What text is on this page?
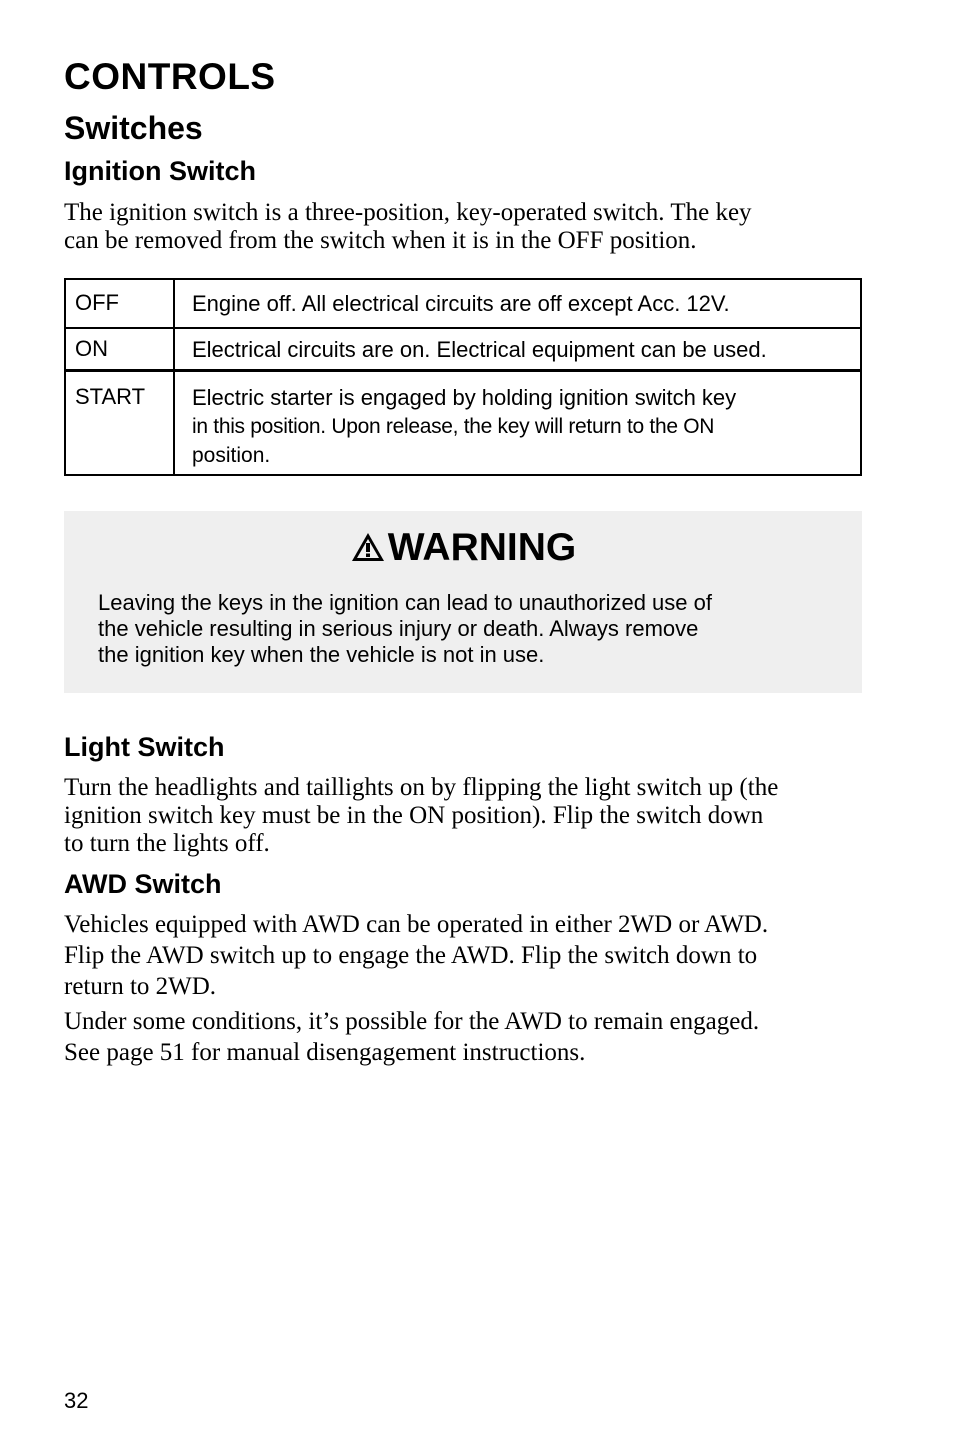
CONTROLS
Switches
Ignition Switch

The ignition switch is a three-position, key-operated switch. The key
can be removed from the switch when it is in the OFF position.

OFF	Engine off. All electrical circuits are off except Acc. 12V.
ON	Electrical circuits are on. Electrical equipment can be used.
START	Electric starter is engaged by holding ignition switch key
in this position. Upon release, the key will return to the ON
position.
WARNING

Leaving the keys in the ignition can lead to unauthorized use of
the vehicle resulting in serious injury or death. Always remove
the ignition key when the vehicle is not in use.

Light Switch

Turn the headlights and taillights on by flipping the light switch up (the
ignition switch key must be in the ON position). Flip the switch down
to turn the lights off.

AWD Switch

Vehicles equipped with AWD can be operated in either 2WD or AWD.
Flip the AWD switch up to engage the AWD. Flip the switch down to
return to 2WD.

Under some conditions, it’s possible for the AWD to remain engaged.
See page 51 for manual disengagement instructions.

32
